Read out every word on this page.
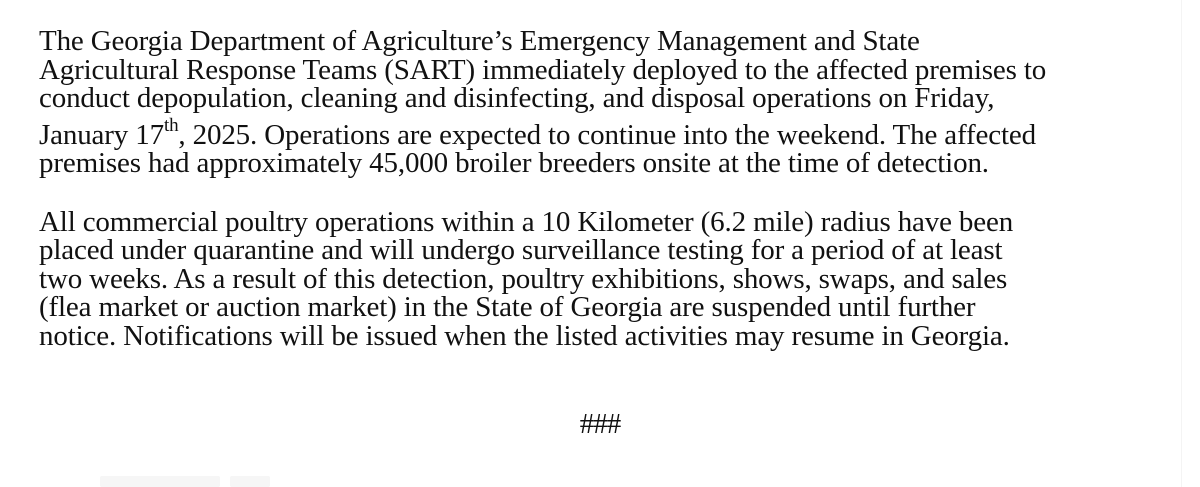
The Georgia Department of Agriculture’s Emergency Management and State
Agricultural Response Teams (SART) immediately deployed to the affected premises to
conduct depopulation, cleaning and disinfecting, and disposal operations on Friday,
January 17th, 2025. Operations are expected to continue into the weekend. The affected
premises had approximately 45,000 broiler breeders onsite at the time of detection.

All commercial poultry operations within a 10 Kilometer (6.2 mile) radius have been
placed under quarantine and will undergo surveillance testing for a period of at least
two weeks. As a result of this detection, poultry exhibitions, shows, swaps, and sales
(flea market or auction market) in the State of Georgia are suspended until further
notice. Notifications will be issued when the listed activities may resume in Georgia.

###
